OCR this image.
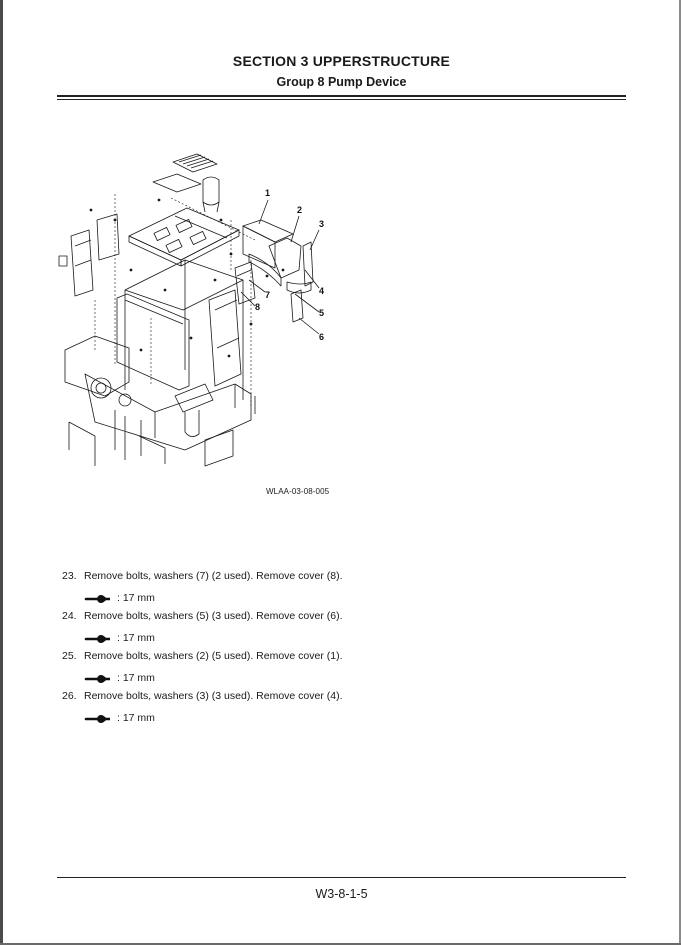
SECTION 3 UPPERSTRUCTURE
Group 8 Pump Device
1
2
3
4
5
6
7
8
WLAA-03-08-005
23. Remove bolts, washers (7) (2 used). Remove cover (8).
: 17 mm
24. Remove bolts, washers (5) (3 used). Remove cover (6).
: 17 mm
25. Remove bolts, washers (2) (5 used). Remove cover (1).
: 17 mm
26. Remove bolts, washers (3) (3 used). Remove cover (4).
: 17 mm
W3-8-1-5
